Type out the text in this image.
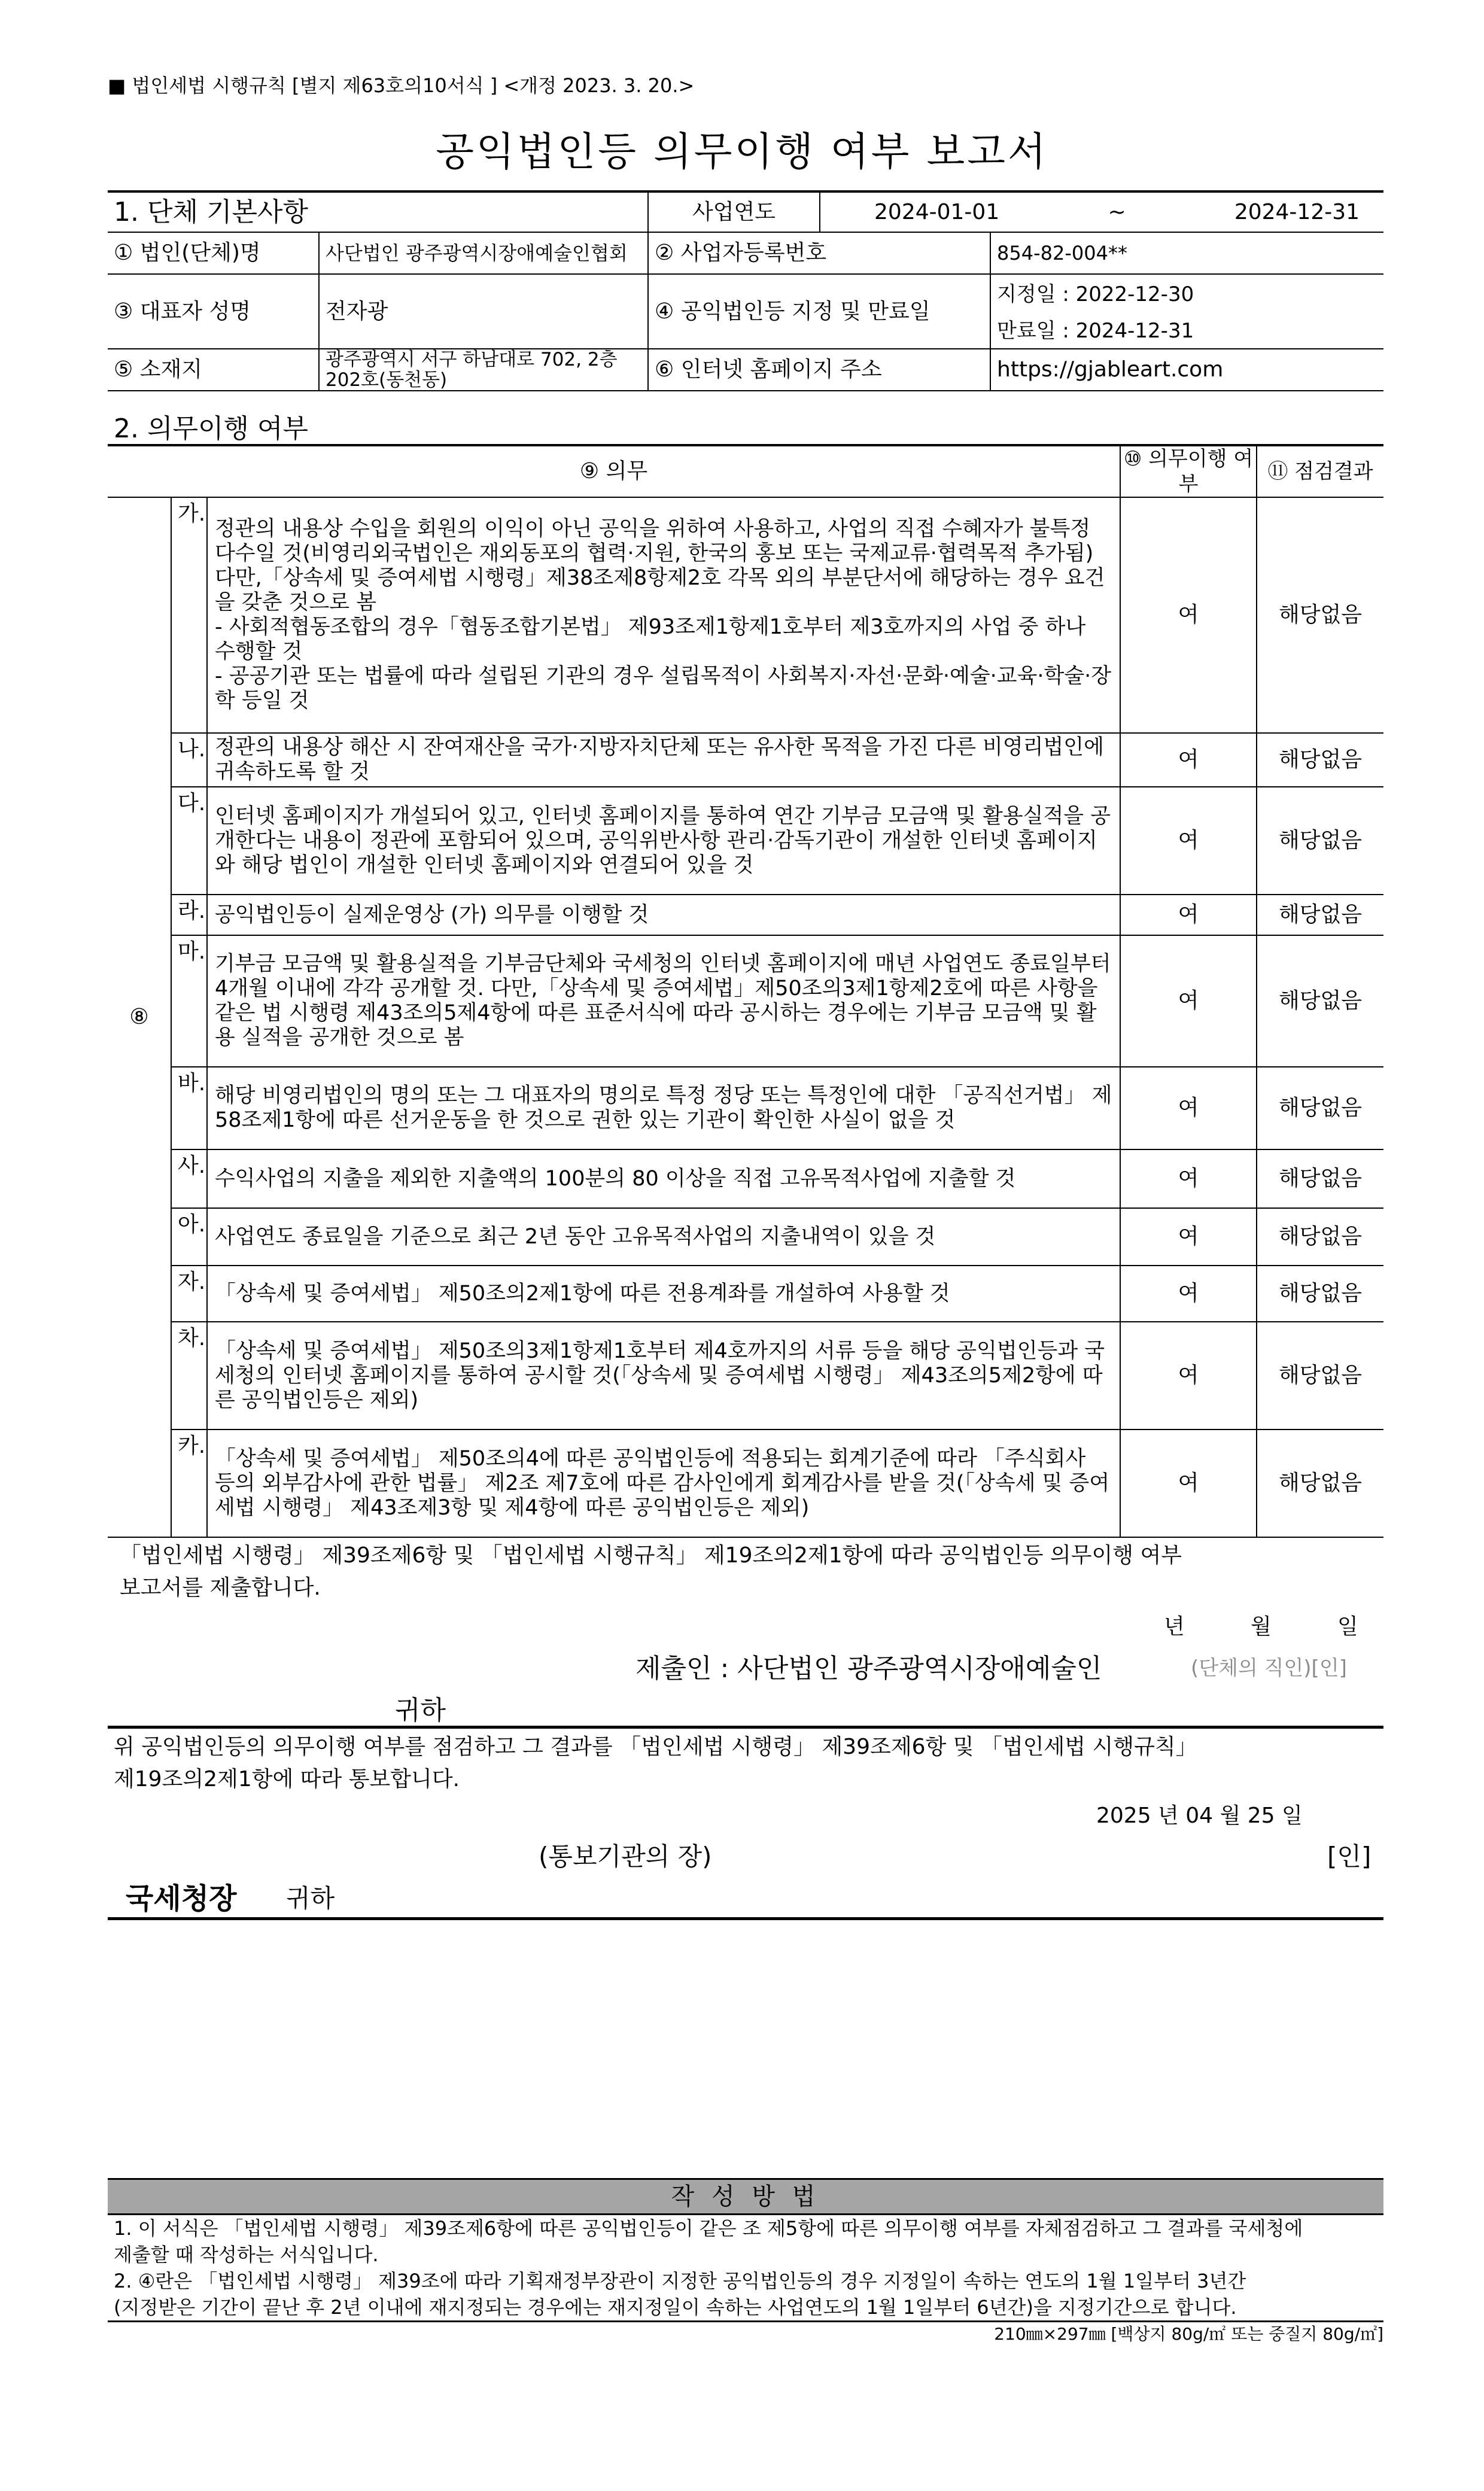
■ 법인세법 시행규칙 [별지 제63호의10서식 ] <개정 2023. 3. 20.>
공익법인등 의무이행 여부 보고서
1. 단체 기본사항		사업연도	2024-01-01 ~ 2024-12-31	

① 법인(단체)명	사단법인 광주광역시장애예술인협회	② 사업자등록번호		854-82-004**
③ 대표자 성명	전자광	④ 공익법인등 지정 및 만료일		지정일 : 2022-12-30
만료일 : 2024-12-31

⑤ 소재지	광주광역시 서구 하남대로 702, 2층 202호(동천동)	⑥ 인터넷 홈페이지 주소		https://gjableart.com
2. 의무이행 여부
⑨ 의무			⑩ 의무이행 여부	⑪ 점검결과
⑧	가.	정관의 내용상 수입을 회원의 이익이 아닌 공익을 위하여 사용하고, 사업의 직접 수혜자가 불특정 다수일 것(비영리외국법인은 재외동포의 협력·지원, 한국의 홍보 또는 국제교류·협력목적 추가됨)다만,「상속세 및 증여세법 시행령」제38조제8항제2호 각목 외의 부분단서에 해당하는 경우 요건을 갖춘 것으로 봄
- 사회적협동조합의 경우「협동조합기본법」 제93조제1항제1호부터 제3호까지의 사업 중 하나 수행할 것
- 공공기관 또는 법률에 따라 설립된 기관의 경우 설립목적이 사회복지·자선·문화·예술·교육·학술·장학 등일 것	여	해당없음
	나.	정관의 내용상 해산 시 잔여재산을 국가·지방자치단체 또는 유사한 목적을 가진 다른 비영리법인에 귀속하도록 할 것	여	해당없음
	다.	인터넷 홈페이지가 개설되어 있고, 인터넷 홈페이지를 통하여 연간 기부금 모금액 및 활용실적을 공개한다는 내용이 정관에 포함되어 있으며, 공익위반사항 관리·감독기관이 개설한 인터넷 홈페이지와 해당 법인이 개설한 인터넷 홈페이지와 연결되어 있을 것	여	해당없음
	라.	공익법인등이 실제운영상 (가) 의무를 이행할 것	여	해당없음
	마.	기부금 모금액 및 활용실적을 기부금단체와 국세청의 인터넷 홈페이지에 매년 사업연도 종료일부터 4개월 이내에 각각 공개할 것. 다만,「상속세 및 증여세법」제50조의3제1항제2호에 따른 사항을 같은 법 시행령 제43조의5제4항에 따른 표준서식에 따라 공시하는 경우에는 기부금 모금액 및 활용 실적을 공개한 것으로 봄	여	해당없음
	바.	해당 비영리법인의 명의 또는 그 대표자의 명의로 특정 정당 또는 특정인에 대한 「공직선거법」 제58조제1항에 따른 선거운동을 한 것으로 권한 있는 기관이 확인한 사실이 없을 것	여	해당없음
	사.	수익사업의 지출을 제외한 지출액의 100분의 80 이상을 직접 고유목적사업에 지출할 것	여	해당없음
	아.	사업연도 종료일을 기준으로 최근 2년 동안 고유목적사업의 지출내역이 있을 것	여	해당없음
	자.	「상속세 및 증여세법」 제50조의2제1항에 따른 전용계좌를 개설하여 사용할 것	여	해당없음
	차.	「상속세 및 증여세법」 제50조의3제1항제1호부터 제4호까지의 서류 등을 해당 공익법인등과 국세청의 인터넷 홈페이지를 통하여 공시할 것(「상속세 및 증여세법 시행령」 제43조의5제2항에 따른 공익법인등은 제외)	여	해당없음
	카.	「상속세 및 증여세법」 제50조의4에 따른 공익법인등에 적용되는 회계기준에 따라 「주식회사 등의 외부감사에 관한 법률」 제2조 제7호에 따른 감사인에게 회계감사를 받을 것(「상속세 및 증여세법 시행령」 제43조제3항 및 제4항에 따른 공익법인등은 제외)	여	해당없음
「법인세법 시행령」 제39조제6항 및 「법인세법 시행규칙」 제19조의2제1항에 따라 공익법인등 의무이행 여부
보고서를 제출합니다.
년	월	일
제출인 : 사단법인 광주광역시장애예술인	(단체의 직인)[인]
귀하
위 공익법인등의 의무이행 여부를 점검하고 그 결과를 「법인세법 시행령」 제39조제6항 및 「법인세법 시행규칙」
제19조의2제1항에 따라 통보합니다.
2025 년 04 월 25 일
(통보기관의 장)	[인]
국세청장 귀하
작 성 방 법
1. 이 서식은 「법인세법 시행령」 제39조제6항에 따른 공익법인등이 같은 조 제5항에 따른 의무이행 여부를 자체점검하고 그 결과를 국세청에
제출할 때 작성하는 서식입니다.
2. ④란은 「법인세법 시행령」 제39조에 따라 기획재정부장관이 지정한 공익법인등의 경우 지정일이 속하는 연도의 1월 1일부터 3년간
(지정받은 기간이 끝난 후 2년 이내에 재지정되는 경우에는 재지정일이 속하는 사업연도의 1월 1일부터 6년간)을 지정기간으로 합니다.
210㎜×297㎜ [백상지 80g/㎡ 또는 중질지 80g/㎡]
